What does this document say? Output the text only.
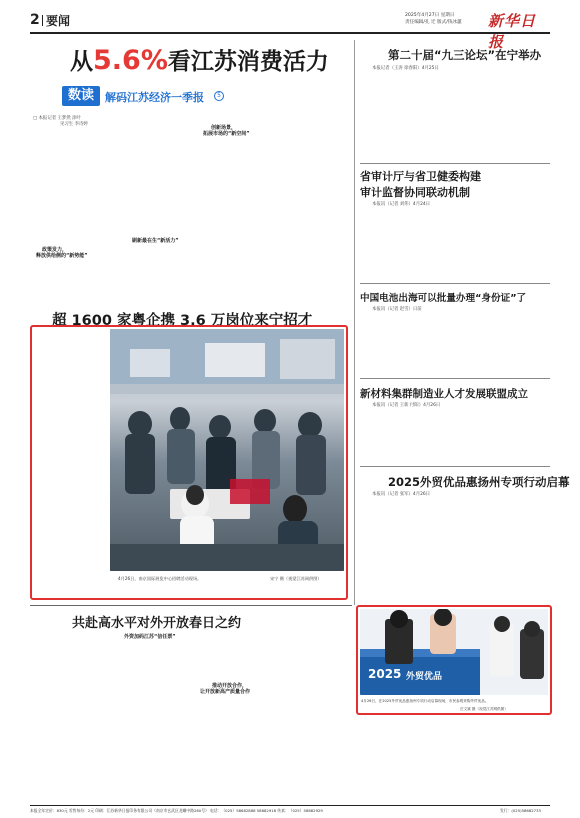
2 要闻	2025年4月27日 星期日
责任编辑/孔 迁 版式/钱冰蕙 新华日报
从5.6%看江苏消费活力
数读	解码江苏经济一季报	5
□ 本报记者 王梦然 涂叶
见习生 李诗婷
政策发力，
释放供给侧的“新势能”
刷新最在生“新活力”
创新场景，
拓展市场的“新空间”
超 1600 家粤企携 3.6 万岗位来宁招才
4月26日，南京国际展览中心招聘活动现场。	宋宁 摄（视觉江苏网供图）
第二十届“九三论坛”在宁举办
本报记者（王涛 徐春阳）4月25日
省审计厅与省卫健委构建
审计监督协同联动机制
本报讯（记者 刘伟）4月24日
中国电池出海可以批量办理“身份证”了
本报讯（记者 赵雪）日前
新材料集群制造业人才发展联盟成立
本报讯（记者 王新 付阳）4月26日
2025外贸优品惠扬州专项行动启幕
本报讯（记者 张军）4月26日
2025 外贸优品
4月26日，在2025外贸优品惠扬州专项行动启幕现场，市民参观采购外贸优品。
庄文斌 摄（视觉江苏网供图）
共赴高水平对外开放春日之约
外资加码江苏“信任票”
推动开放合作，
让开放新高产质量合作
本报全年定价：630元 零售每份：2元 印刷：江苏新华日报印务有限公司（南京市玄武区龙蟠中路260号） 电话：（025）58682888 58682918 传真：（025）58682929	发行：(025)58682733
